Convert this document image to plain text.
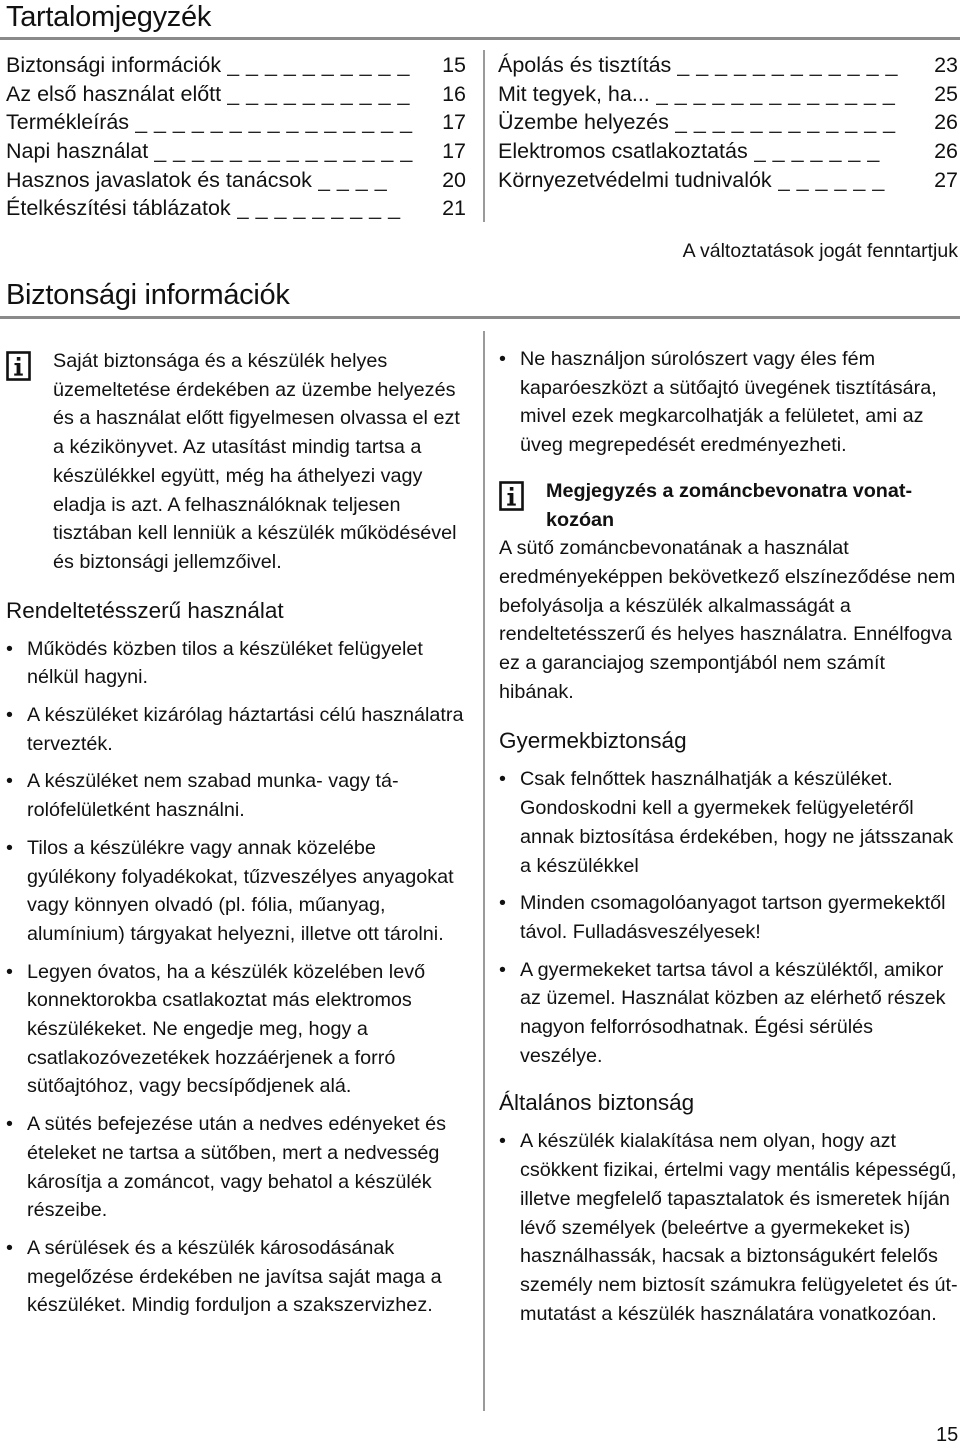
Tartalomjegyzék
Biztonsági információk _ _ _ _ _ _ _ _ _ _	15
Az első használat előtt _ _ _ _ _ _ _ _ _ _	16
Termékleírás _ _ _ _ _ _ _ _ _ _ _ _ _ _ _	17
Napi használat _ _ _ _ _ _ _ _ _ _ _ _ _ _	17
Hasznos javaslatok és tanácsok _ _ _ _	20
Ételkészítési táblázatok _ _ _ _ _ _ _ _ _	21
Ápolás és tisztítás _ _ _ _ _ _ _ _ _ _ _ _	23
Mit tegyek, ha... _ _ _ _ _ _ _ _ _ _ _ _ _	25
Üzembe helyezés _ _ _ _ _ _ _ _ _ _ _ _	26
Elektromos csatlakoztatás _ _ _ _ _ _ _	26
Környezetvédelmi tudnivalók _ _ _ _ _ _	27
A változtatások jogát fenntartjuk
Biztonsági információk

Saját biztonsága és a készülék helyes üzemeltetése érdekében az üzembe helyezés és a használat előtt figyelmesen olvassa el ezt a kézikönyvet. Az utasítást mindig tartsa a készülékkel együtt, még ha áthelyezi vagy eladja is azt. A felhasználóknak teljesen tisztában kell lenniük a készülék működésével és biztonsági jellemzőivel.

Rendeltetésszerű használat
• Működés közben tilos a készüléket felügyelet nélkül hagyni.
• A készüléket kizárólag háztartási célú használatra tervezték.
• A készüléket nem szabad munka- vagy tárolófelületként használni.
• Tilos a készülékre vagy annak közelébe gyúlékony folyadékokat, tűzveszélyes anyagokat vagy könnyen olvadó (pl. fólia, műanyag, alumínium) tárgyakat helyezni, illetve ott tárolni.
• Legyen óvatos, ha a készülék közelében levő konnektorokba csatlakoztat más elektromos készülékeket. Ne engedje meg, hogy a csatlakozóvezetékek hozzáérjenek a forró sütőajtóhoz, vagy becsípődjenek alá.
• A sütés befejezése után a nedves edényeket és ételeket ne tartsa a sütőben, mert a nedvesség károsítja a zománcot, vagy behatol a készülék részeibe.
• A sérülések és a készülék károsodásának megelőzése érdekében ne javítsa saját maga a készüléket. Mindig forduljon a szakszervizhez.
• Ne használjon súrolószert vagy éles fém kaparóeszközt a sütőajtó üvegének tisztítására, mivel ezek megkarcolhatják a felületet, ami az üveg megrepedését eredményezheti.

Megjegyzés a zománcbevonatra vonatkozóan

A sütő zománcbevonatának a használat eredményeképpen bekövetkező elszíneződése nem befolyásolja a készülék alkalmasságát a rendeltetésszerű és helyes használatra. Ennélfogva ez a garanciajog szempontjából nem számít hibának.

Gyermekbiztonság
• Csak felnőttek használhatják a készüléket. Gondoskodni kell a gyermekek felügyeletéről annak biztosítása érdekében, hogy ne játsszanak a készülékkel
• Minden csomagolóanyagot tartson gyermekektől távol. Fulladásveszélyesek!
• A gyermekeket tartsa távol a készüléktől, amikor az üzemel. Használat közben az elérhető részek nagyon felforrósodhatnak. Égési sérülés veszélye.
Általános biztonság
• A készülék kialakítása nem olyan, hogy azt csökkent fizikai, értelmi vagy mentális képességű, illetve megfelelő tapasztalatok és ismeretek híján lévő személyek (beleértve a gyermekeket is) használhassák, hacsak a biztonságukért felelős személy nem biztosít számukra felügyeletet és útmutatást a készülék használatára vonatkozóan.
15
